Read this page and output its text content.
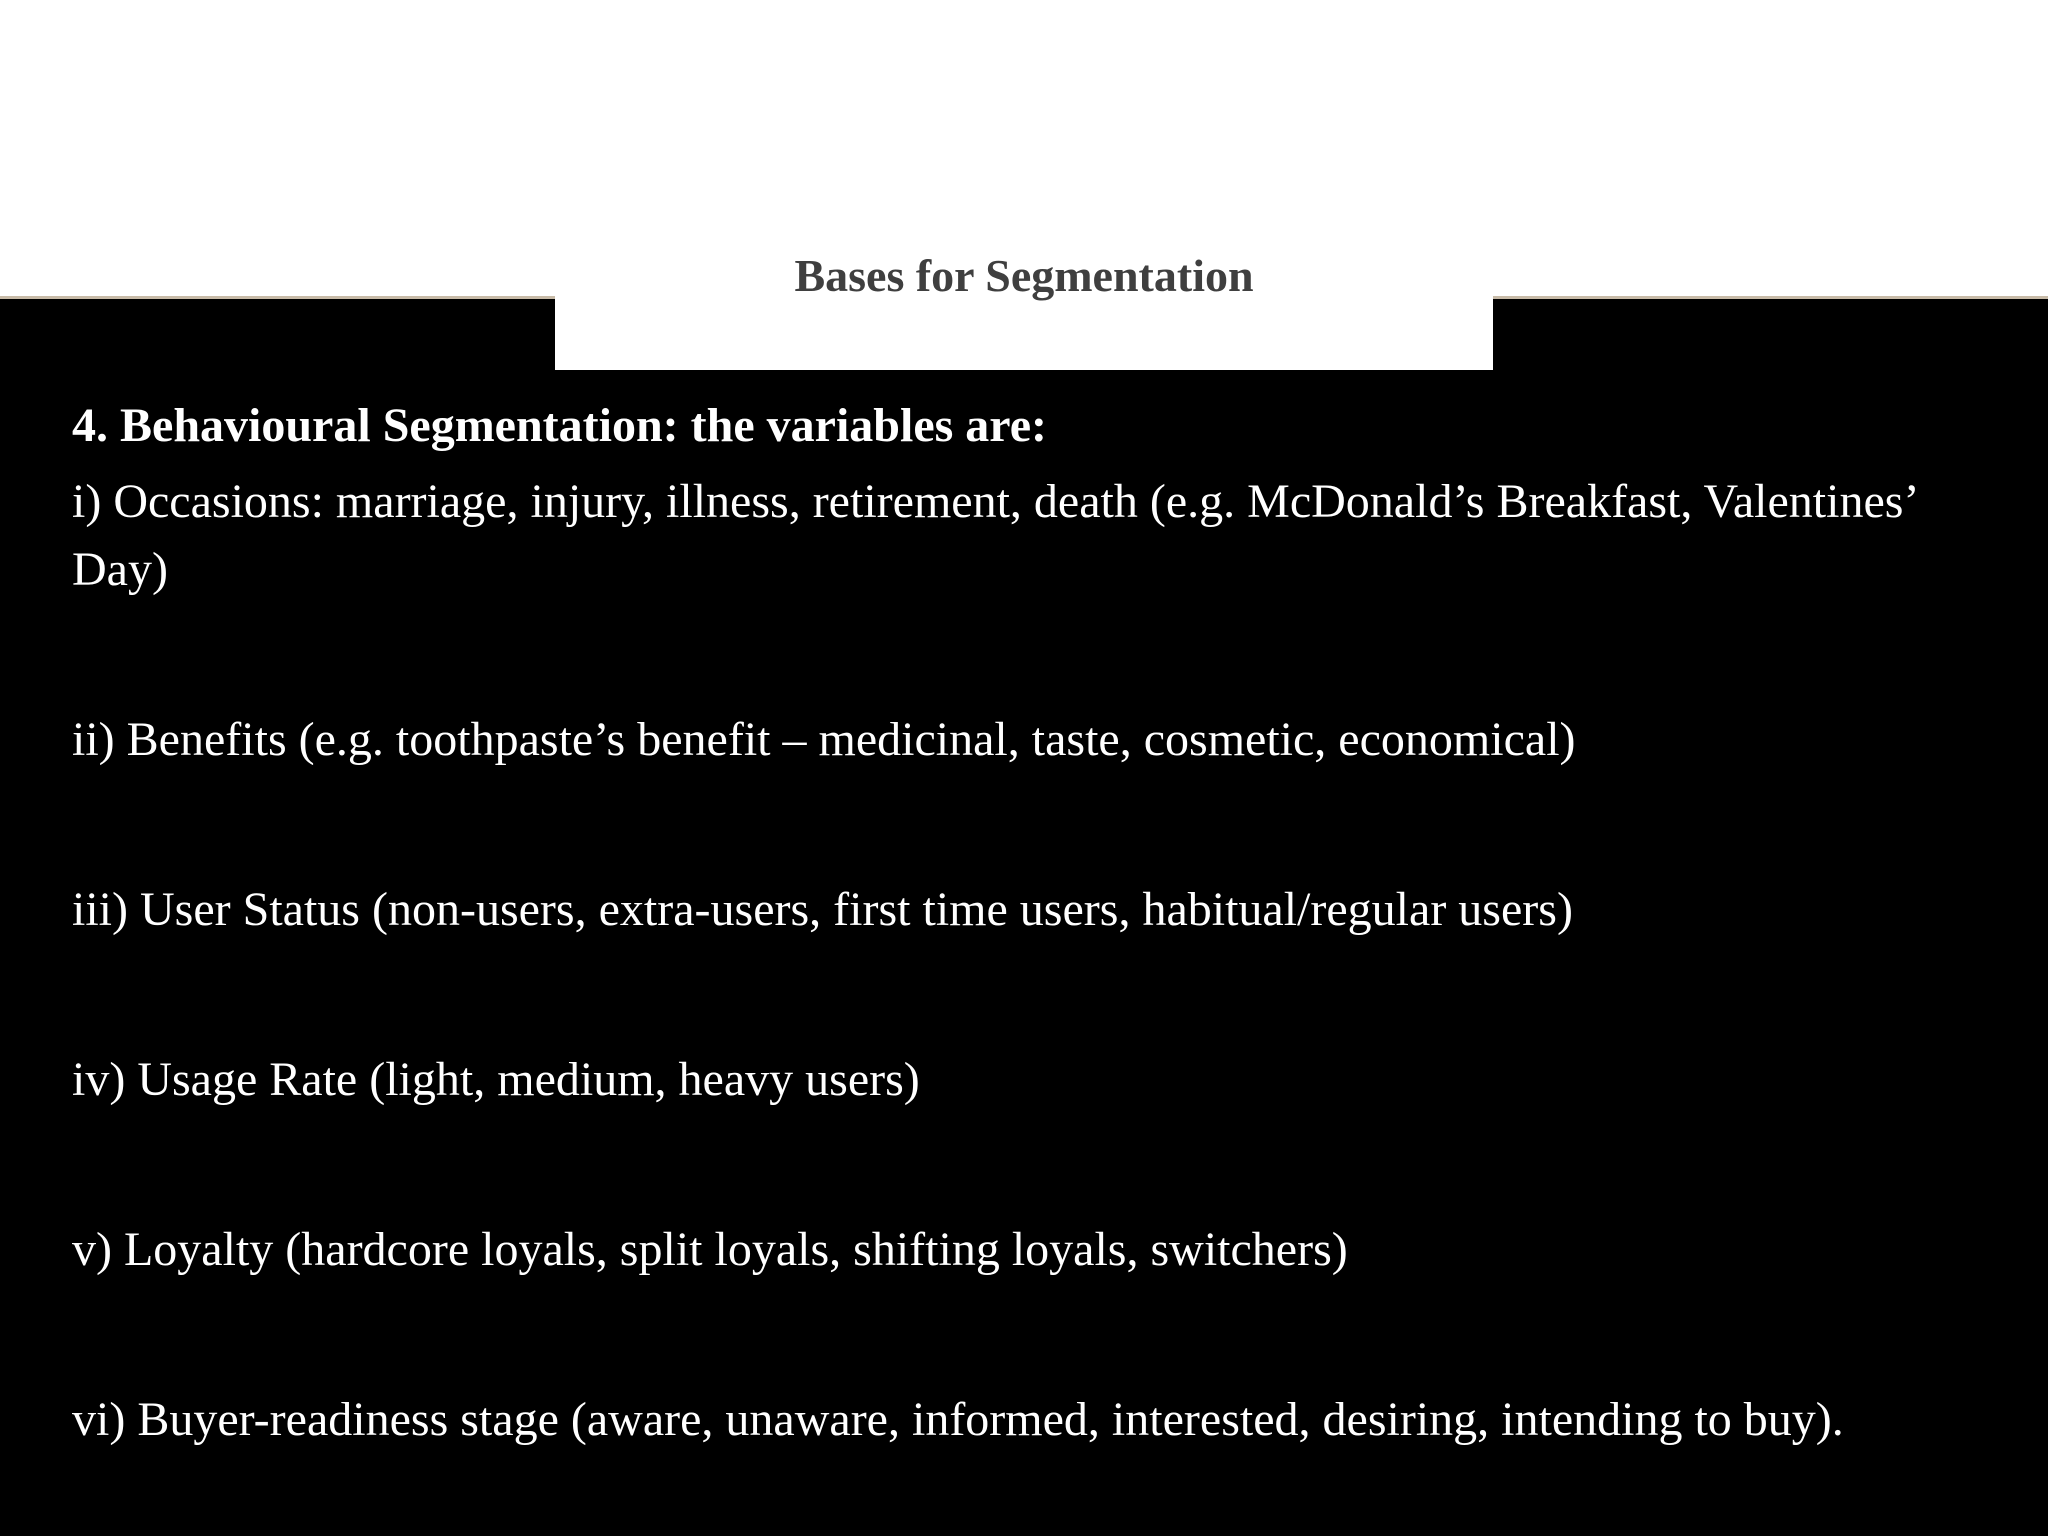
Bases for Segmentation

4. Behavioural Segmentation: the variables are:

i) Occasions: marriage, injury, illness, retirement, death (e.g. McDonald’s Breakfast, Valentines’ Day)
ii) Benefits (e.g. toothpaste’s benefit – medicinal, taste, cosmetic, economical)
iii) User Status (non-users, extra-users, first time users, habitual/regular users)
iv) Usage Rate (light, medium, heavy users)
v) Loyalty (hardcore loyals, split loyals, shifting loyals, switchers)
vi) Buyer-readiness stage (aware, unaware, informed, interested, desiring, intending to buy).
